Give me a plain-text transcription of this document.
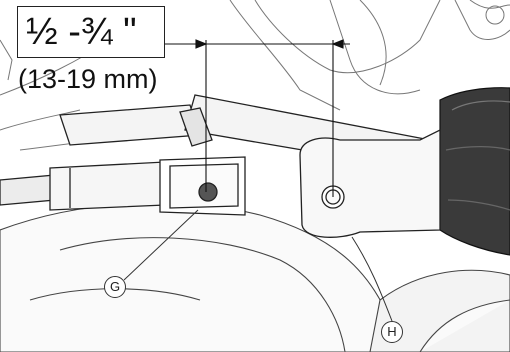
½ -¾ "
(13-19 mm)
G
H
